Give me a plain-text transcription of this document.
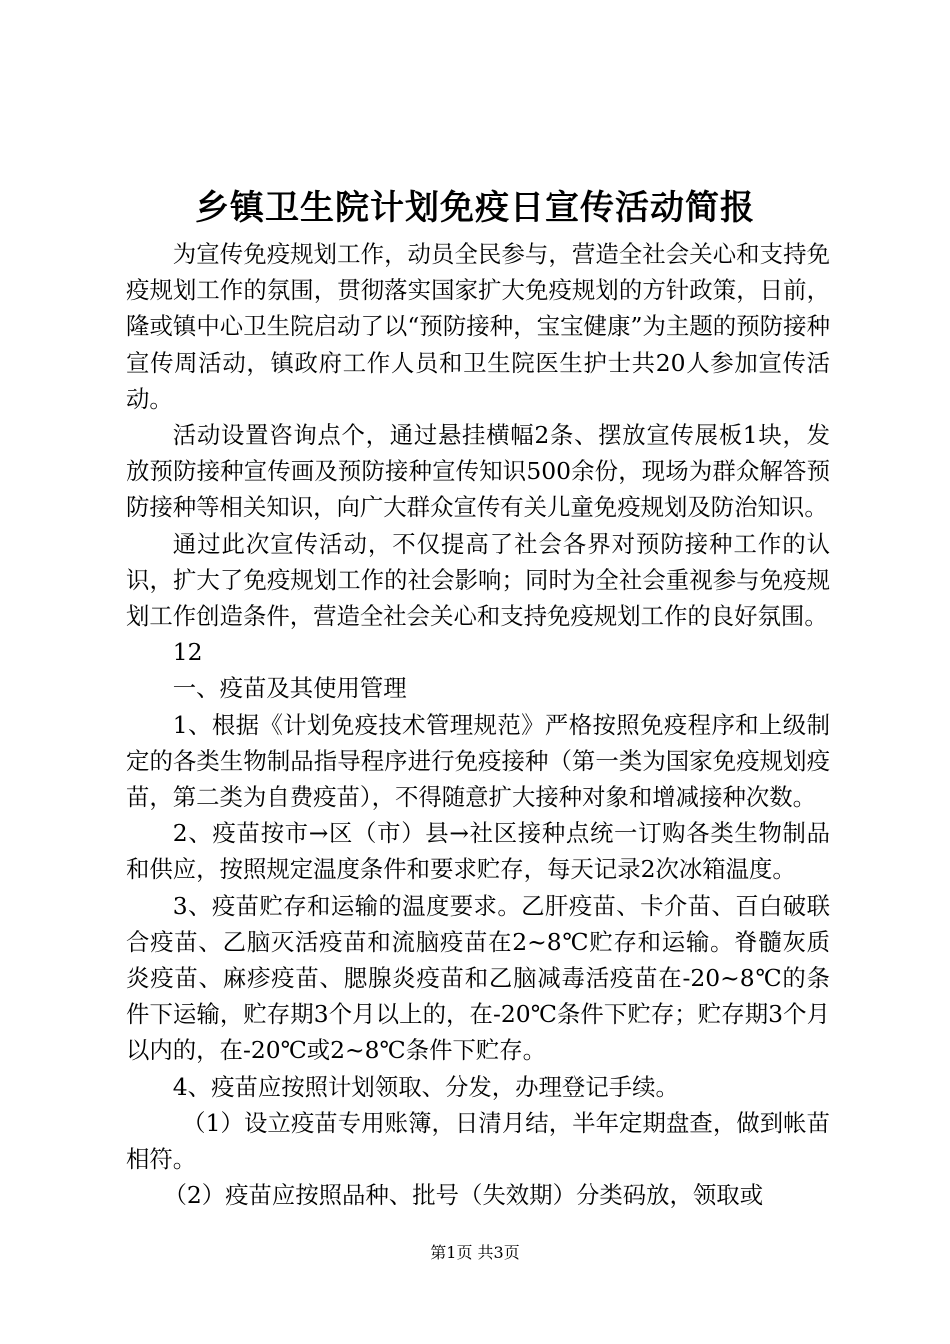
乡镇卫生院计划免疫日宣传活动简报

为宣传免疫规划工作，动员全民参与，营造全社会关心和支持免疫规划工作的氛围，贯彻落实国家扩大免疫规划的方针政策，日前，隆或镇中心卫生院启动了以“预防接种，宝宝健康”为主题的预防接种宣传周活动，镇政府工作人员和卫生院医生护士共20人参加宣传活动。

活动设置咨询点个，通过悬挂横幅2条、摆放宣传展板1块，发放预防接种宣传画及预防接种宣传知识500余份，现场为群众解答预防接种等相关知识，向广大群众宣传有关儿童免疫规划及防治知识。

通过此次宣传活动，不仅提高了社会各界对预防接种工作的认识，扩大了免疫规划工作的社会影响；同时为全社会重视参与免疫规划工作创造条件，营造全社会关心和支持免疫规划工作的良好氛围。

12

一、疫苗及其使用管理

1、根据《计划免疫技术管理规范》严格按照免疫程序和上级制定的各类生物制品指导程序进行免疫接种（第一类为国家免疫规划疫苗，第二类为自费疫苗），不得随意扩大接种对象和增减接种次数。

2、疫苗按市→区（市）县→社区接种点统一订购各类生物制品和供应，按照规定温度条件和要求贮存，每天记录2次冰箱温度。

3、疫苗贮存和运输的温度要求。乙肝疫苗、卡介苗、百白破联合疫苗、乙脑灭活疫苗和流脑疫苗在2~8℃贮存和运输。脊髓灰质炎疫苗、麻疹疫苗、腮腺炎疫苗和乙脑减毒活疫苗在-20~8℃的条件下运输，贮存期3个月以上的，在-20℃条件下贮存；贮存期3个月以内的，在-20℃或2~8℃条件下贮存。

4、疫苗应按照计划领取、分发，办理登记手续。

（1）设立疫苗专用账簿，日清月结，半年定期盘查，做到帐苗相符。

（2）疫苗应按照品种、批号（失效期）分类码放，领取或

第1页 共3页
